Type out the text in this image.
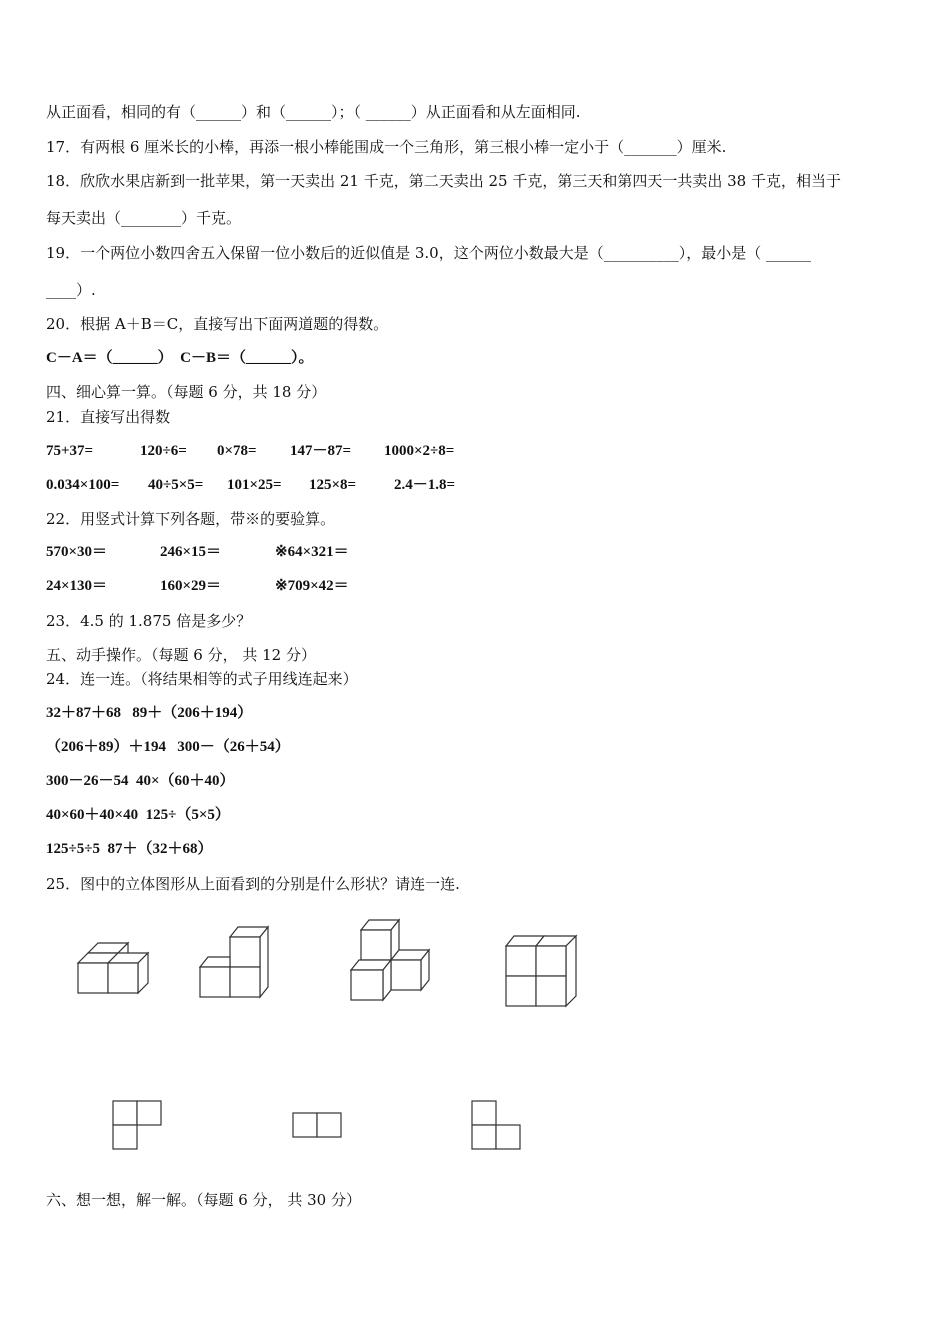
从正面看，相同的有（______）和（______）；（ ______）从正面看和从左面相同.
17．有两根 6 厘米长的小棒，再添一根小棒能围成一个三角形，第三根小棒一定小于（_______）厘米.
18．欣欣水果店新到一批苹果，第一天卖出 21 千克，第二天卖出 25 千克，第三天和第四天一共卖出 38 千克，相当于
每天卖出（________）千克。
19．一个两位小数四舍五入保留一位小数后的近似值是 3.0，这个两位小数最大是（__________），最小是（ ______
____）.
20．根据 A＋B＝C，直接写出下面两道题的得数。
C－A＝（______）  C－B＝（______）。
四、细心算一算。（每题 6 分，共 18 分）
21．直接写出得数
75+37=	120÷6= 0×78= 147－87= 1000×2÷8=
0.034×100= 40÷5×5= 101×25= 125×8=	2.4－1.8=
22．用竖式计算下列各题，带※的要验算。
570×30＝	246×15＝	※64×321＝
24×130＝	160×29＝	※709×42＝
23．4.5 的 1.875 倍是多少？
五、动手操作。（每题 6 分， 共 12 分）
24．连一连。（将结果相等的式子用线连起来）
32＋87＋68   89＋（206＋194）
（206＋89）＋194   300－（26＋54）
300－26－54  40×（60＋40）
40×60＋40×40  125÷（5×5）
125÷5÷5  87＋（32＋68）
25．图中的立体图形从上面看到的分别是什么形状？请连一连.
六、想一想，解一解。（每题 6 分， 共 30 分）
